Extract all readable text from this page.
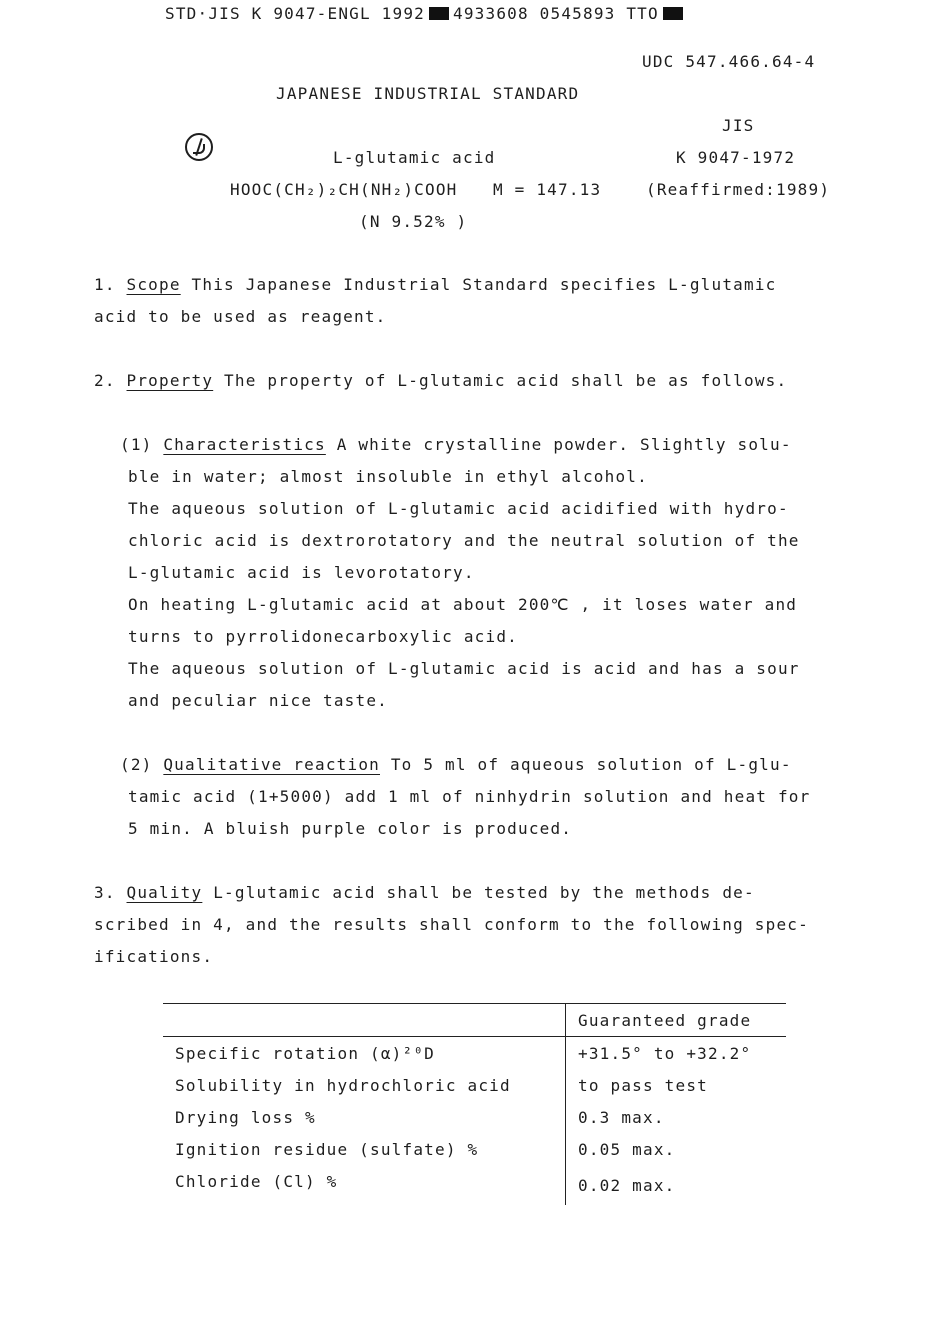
STD·JIS K 9047-ENGL 1992 4933608 0545893 TTO
UDC 547.466.64-4
JAPANESE INDUSTRIAL STANDARD
JIS
L-glutamic acid	K 9047-1972
HOOC(CH₂)₂CH(NH₂)COOH M = 147.13	(Reaffirmed:1989)
(N 9.52% )
1. Scope This Japanese Industrial Standard specifies L-glutamic
acid to be used as reagent.
2. Property The property of L-glutamic acid shall be as follows.
(1) Characteristics A white crystalline powder. Slightly solu-
ble in water; almost insoluble in ethyl alcohol.
The aqueous solution of L-glutamic acid acidified with hydro-
chloric acid is dextrorotatory and the neutral solution of the
L-glutamic acid is levorotatory.
On heating L-glutamic acid at about 200℃ , it loses water and
turns to pyrrolidonecarboxylic acid.
The aqueous solution of L-glutamic acid is acid and has a sour
and peculiar nice taste.
(2) Qualitative reaction To 5 ml of aqueous solution of L-glu-
tamic acid (1+5000) add 1 ml of ninhydrin solution and heat for
5 min. A bluish purple color is produced.
3. Quality L-glutamic acid shall be tested by the methods de-
scribed in 4, and the results shall conform to the following spec-
ifications.
	Guaranteed grade
Specific rotation (α)²⁰D	+31.5° to +32.2°
Solubility in hydrochloric acid	to pass test
Drying loss %	0.3 max.
Ignition residue (sulfate) %	0.05 max.
Chloride (Cl) %	0.02 max.
